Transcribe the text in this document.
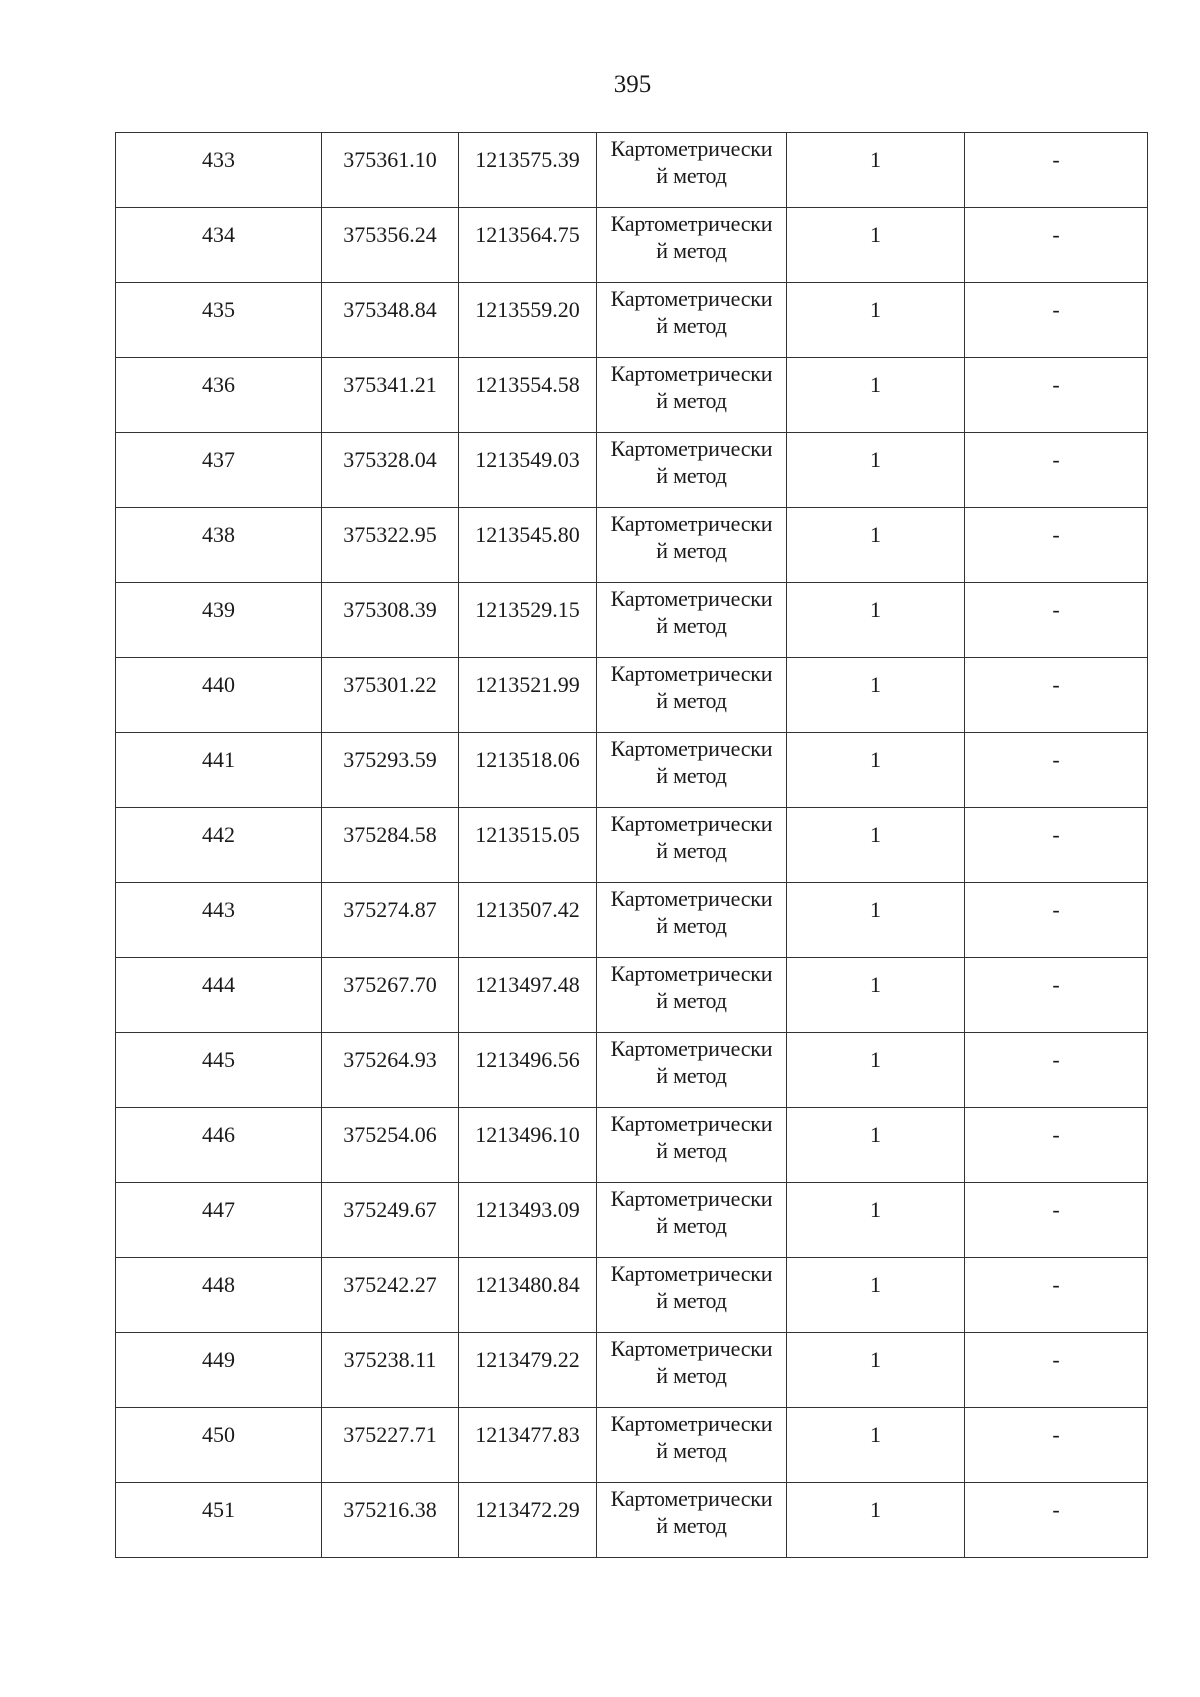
395
433	375361.10	1213575.39	Картометрически
й метод	1	-
434	375356.24	1213564.75	Картометрически
й метод	1	-
435	375348.84	1213559.20	Картометрически
й метод	1	-
436	375341.21	1213554.58	Картометрически
й метод	1	-
437	375328.04	1213549.03	Картометрически
й метод	1	-
438	375322.95	1213545.80	Картометрически
й метод	1	-
439	375308.39	1213529.15	Картометрически
й метод	1	-
440	375301.22	1213521.99	Картометрически
й метод	1	-
441	375293.59	1213518.06	Картометрически
й метод	1	-
442	375284.58	1213515.05	Картометрически
й метод	1	-
443	375274.87	1213507.42	Картометрически
й метод	1	-
444	375267.70	1213497.48	Картометрически
й метод	1	-
445	375264.93	1213496.56	Картометрически
й метод	1	-
446	375254.06	1213496.10	Картометрически
й метод	1	-
447	375249.67	1213493.09	Картометрически
й метод	1	-
448	375242.27	1213480.84	Картометрически
й метод	1	-
449	375238.11	1213479.22	Картометрически
й метод	1	-
450	375227.71	1213477.83	Картометрически
й метод	1	-
451	375216.38	1213472.29	Картометрически
й метод	1	-
